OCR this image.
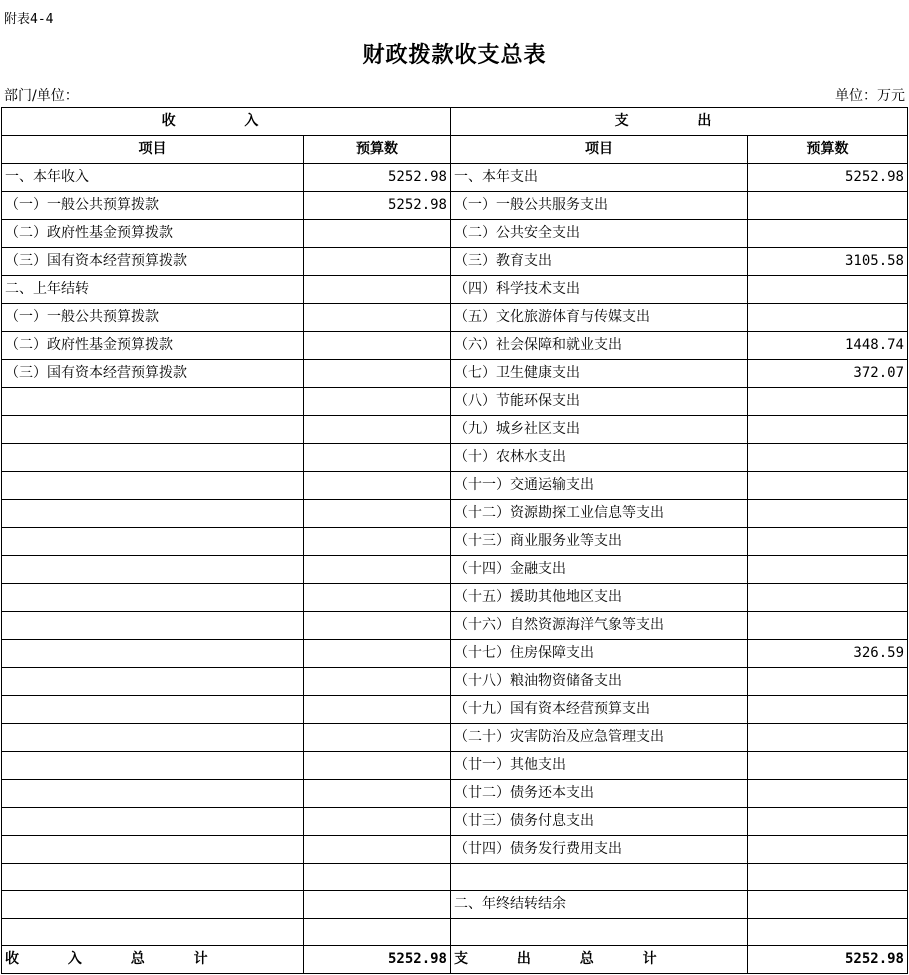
附表4-4
财政拨款收支总表
部门/单位：	单位：万元
收 入		支 出	
项目	预算数	项目	预算数
一、本年收入	5252.98	一、本年支出	5252.98
（一）一般公共预算拨款	5252.98	（一）一般公共服务支出	
（二）政府性基金预算拨款		（二）公共安全支出	
（三）国有资本经营预算拨款		（三）教育支出	3105.58
二、上年结转		（四）科学技术支出	
（一）一般公共预算拨款		（五）文化旅游体育与传媒支出	
（二）政府性基金预算拨款		（六）社会保障和就业支出	1448.74
（三）国有资本经营预算拨款		（七）卫生健康支出	372.07
		（八）节能环保支出	
		（九）城乡社区支出	
		（十）农林水支出	
		（十一）交通运输支出	
		（十二）资源勘探工业信息等支出	
		（十三）商业服务业等支出	
		（十四）金融支出	
		（十五）援助其他地区支出	
		（十六）自然资源海洋气象等支出	
		（十七）住房保障支出	326.59
		（十八）粮油物资储备支出	
		（十九）国有资本经营预算支出	
		（二十）灾害防治及应急管理支出	
		（廿一）其他支出	
		（廿二）债务还本支出	
		（廿三）债务付息支出	
		（廿四）债务发行费用支出	

		二、年终结转结余	

收 入 总 计	5252.98	支 出 总 计	5252.98
